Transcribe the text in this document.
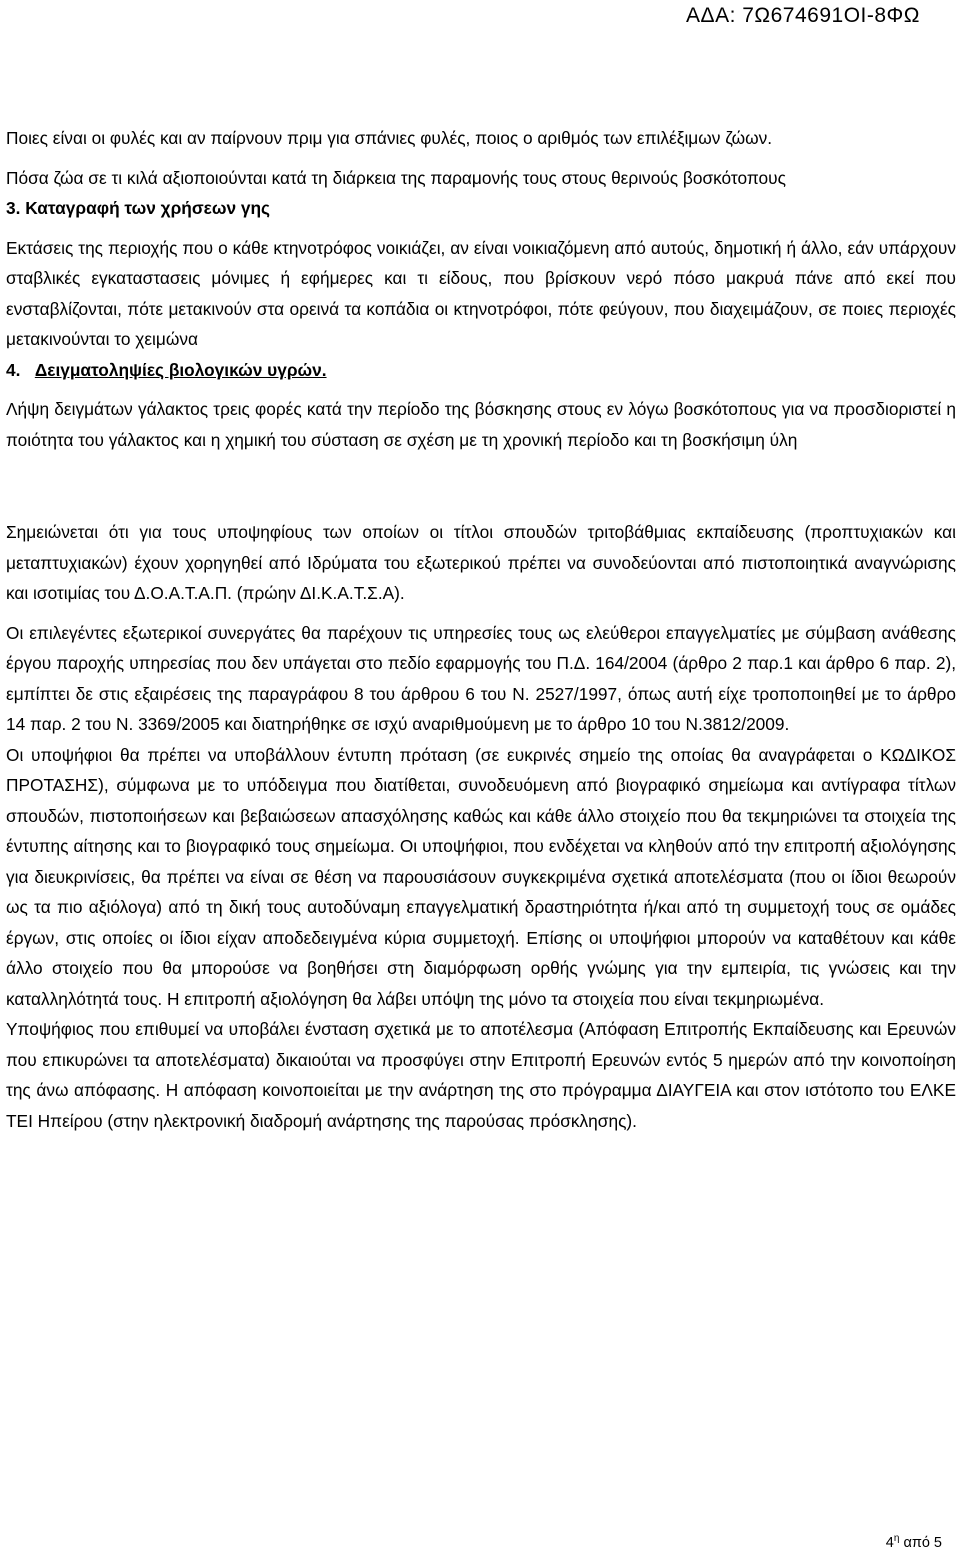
ΑΔΑ: 7Ω674691ΟΙ-8ΦΩ

Ποιες είναι οι φυλές και αν παίρνουν πριμ για σπάνιες φυλές, ποιος ο αριθμός των επιλέξιμων ζώων.

Πόσα ζώα σε τι κιλά αξιοποιούνται κατά τη διάρκεια της παραμονής τους στους θερινούς βοσκότοπους

3. Καταγραφή των χρήσεων γης

Εκτάσεις της περιοχής που ο κάθε κτηνοτρόφος νοικιάζει, αν είναι νοικιαζόμενη από αυτούς, δημοτική ή άλλο, εάν υπάρχουν σταβλικές εγκαταστασεις μόνιμες ή εφήμερες και τι είδους, που βρίσκουν νερό πόσο μακρυά πάνε από εκεί που ενσταβλίζονται, πότε μετακινούν στα ορεινά τα κοπάδια οι κτηνοτρόφοι, πότε φεύγουν, που διαχειμάζουν, σε ποιες περιοχές μετακινούνται το χειμώνα

4. Δειγματοληψίες βιολογικών υγρών.

Λήψη δειγμάτων γάλακτος τρεις φορές κατά την περίοδο της βόσκησης στους εν λόγω βοσκότοπους για να προσδιοριστεί η ποιότητα του γάλακτος και η χημική του σύσταση σε σχέση με τη χρονική περίοδο και τη βοσκήσιμη ύλη

Σημειώνεται ότι για τους υποψηφίους των οποίων οι τίτλοι σπουδών τριτοβάθμιας εκπαίδευσης (προπτυχιακών και μεταπτυχιακών) έχουν χορηγηθεί από Ιδρύματα του εξωτερικού πρέπει να συνοδεύονται από πιστοποιητικά αναγνώρισης και ισοτιμίας του Δ.Ο.Α.Τ.Α.Π. (πρώην ΔΙ.Κ.Α.Τ.Σ.Α).

Οι επιλεγέντες εξωτερικοί συνεργάτες θα παρέχουν τις υπηρεσίες τους ως ελεύθεροι επαγγελματίες με σύμβαση ανάθεσης έργου παροχής υπηρεσίας που δεν υπάγεται στο πεδίο εφαρμογής του Π.Δ. 164/2004 (άρθρο 2 παρ.1 και άρθρο 6 παρ. 2), εμπίπτει δε στις εξαιρέσεις της παραγράφου 8 του άρθρου 6 του Ν. 2527/1997, όπως αυτή είχε τροποποιηθεί με το άρθρο 14 παρ. 2 του Ν. 3369/2005 και διατηρήθηκε σε ισχύ αναριθμούμενη με το άρθρο 10 του Ν.3812/2009.

Οι υποψήφιοι θα πρέπει να υποβάλλουν έντυπη πρόταση (σε ευκρινές σημείο της οποίας θα αναγράφεται ο ΚΩΔΙΚΟΣ ΠΡΟΤΑΣΗΣ), σύμφωνα με το υπόδειγμα που διατίθεται, συνοδευόμενη από βιογραφικό σημείωμα και αντίγραφα τίτλων σπουδών, πιστοποιήσεων και βεβαιώσεων απασχόλησης καθώς και κάθε άλλο στοιχείο που θα τεκμηριώνει τα στοιχεία της έντυπης αίτησης και το βιογραφικό τους σημείωμα. Οι υποψήφιοι, που ενδέχεται να κληθούν από την επιτροπή αξιολόγησης για διευκρινίσεις, θα πρέπει να είναι σε θέση να παρουσιάσουν συγκεκριμένα σχετικά αποτελέσματα (που οι ίδιοι θεωρούν ως τα πιο αξιόλογα) από τη δική τους αυτοδύναμη επαγγελματική δραστηριότητα ή/και από τη συμμετοχή τους σε ομάδες έργων, στις οποίες οι ίδιοι είχαν αποδεδειγμένα κύρια συμμετοχή. Επίσης οι υποψήφιοι μπορούν να καταθέτουν και κάθε άλλο στοιχείο που θα μπορούσε να βοηθήσει στη διαμόρφωση ορθής γνώμης για την εμπειρία, τις γνώσεις και την καταλληλότητά τους. Η επιτροπή αξιολόγηση θα λάβει υπόψη της μόνο τα στοιχεία που είναι τεκμηριωμένα.

Υποψήφιος που επιθυμεί να υποβάλει ένσταση σχετικά με το αποτέλεσμα (Απόφαση Επιτροπής Εκπαίδευσης και Ερευνών που επικυρώνει τα αποτελέσματα) δικαιούται να προσφύγει στην Επιτροπή Ερευνών εντός 5 ημερών από την κοινοποίηση της άνω απόφασης. Η απόφαση κοινοποιείται με την ανάρτηση της στο πρόγραμμα ΔΙΑΥΓΕΙΑ και στον ιστότοπο του ΕΛΚΕ ΤΕΙ Ηπείρου (στην ηλεκτρονική διαδρομή ανάρτησης της παρούσας πρόσκλησης).

$4^\eta$ από 5
